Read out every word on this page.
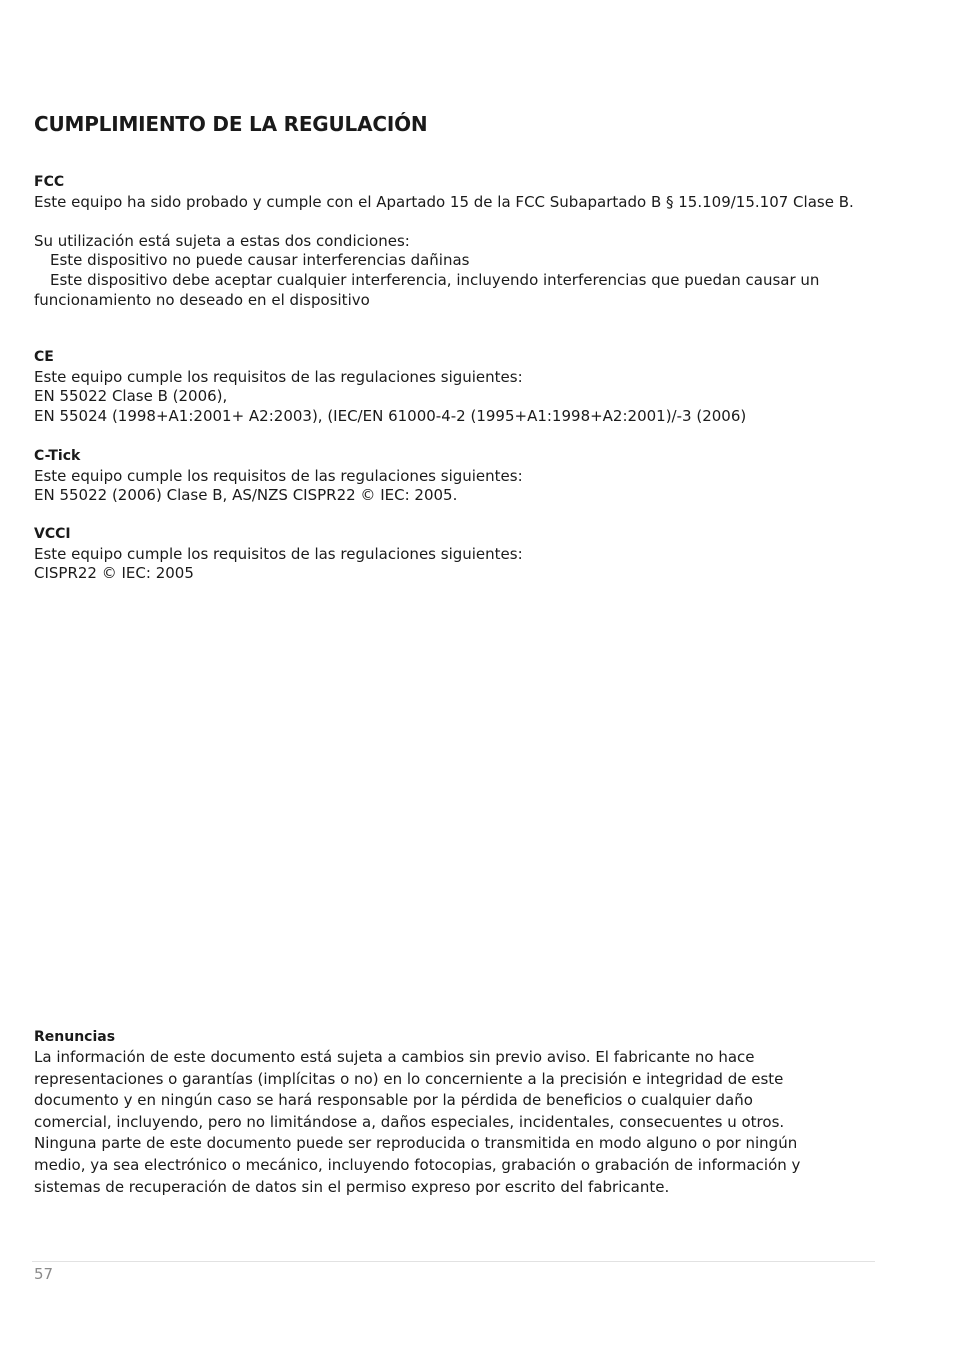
CUMPLIMIENTO DE LA REGULACIÓN
FCC
Este equipo ha sido probado y cumple con el Apartado 15 de la FCC Subapartado B § 15.109/15.107 Clase B.
Su utilización está sujeta a estas dos condiciones:
Este dispositivo no puede causar interferencias dañinas
Este dispositivo debe aceptar cualquier interferencia, incluyendo interferencias que puedan causar un funcionamiento no deseado en el dispositivo
CE
Este equipo cumple los requisitos de las regulaciones siguientes:
EN 55022 Clase B (2006),
EN 55024 (1998+A1:2001+ A2:2003), (IEC/EN 61000-4-2 (1995+A1:1998+A2:2001)/-3 (2006)
C-Tick
Este equipo cumple los requisitos de las regulaciones siguientes:
EN 55022 (2006) Clase B, AS/NZS CISPR22 © IEC: 2005.
VCCI
Este equipo cumple los requisitos de las regulaciones siguientes:
CISPR22 © IEC: 2005
Renuncias
La información de este documento está sujeta a cambios sin previo aviso. El fabricante no hace
representaciones o garantías (implícitas o no) en lo concerniente a la precisión e integridad de este
documento y en ningún caso se hará responsable por la pérdida de beneficios o cualquier daño
comercial, incluyendo, pero no limitándose a, daños especiales, incidentales, consecuentes u otros.
Ninguna parte de este documento puede ser reproducida o transmitida en modo alguno o por ningún
medio, ya sea electrónico o mecánico, incluyendo fotocopias, grabación o grabación de información y
sistemas de recuperación de datos sin el permiso expreso por escrito del fabricante.
57
